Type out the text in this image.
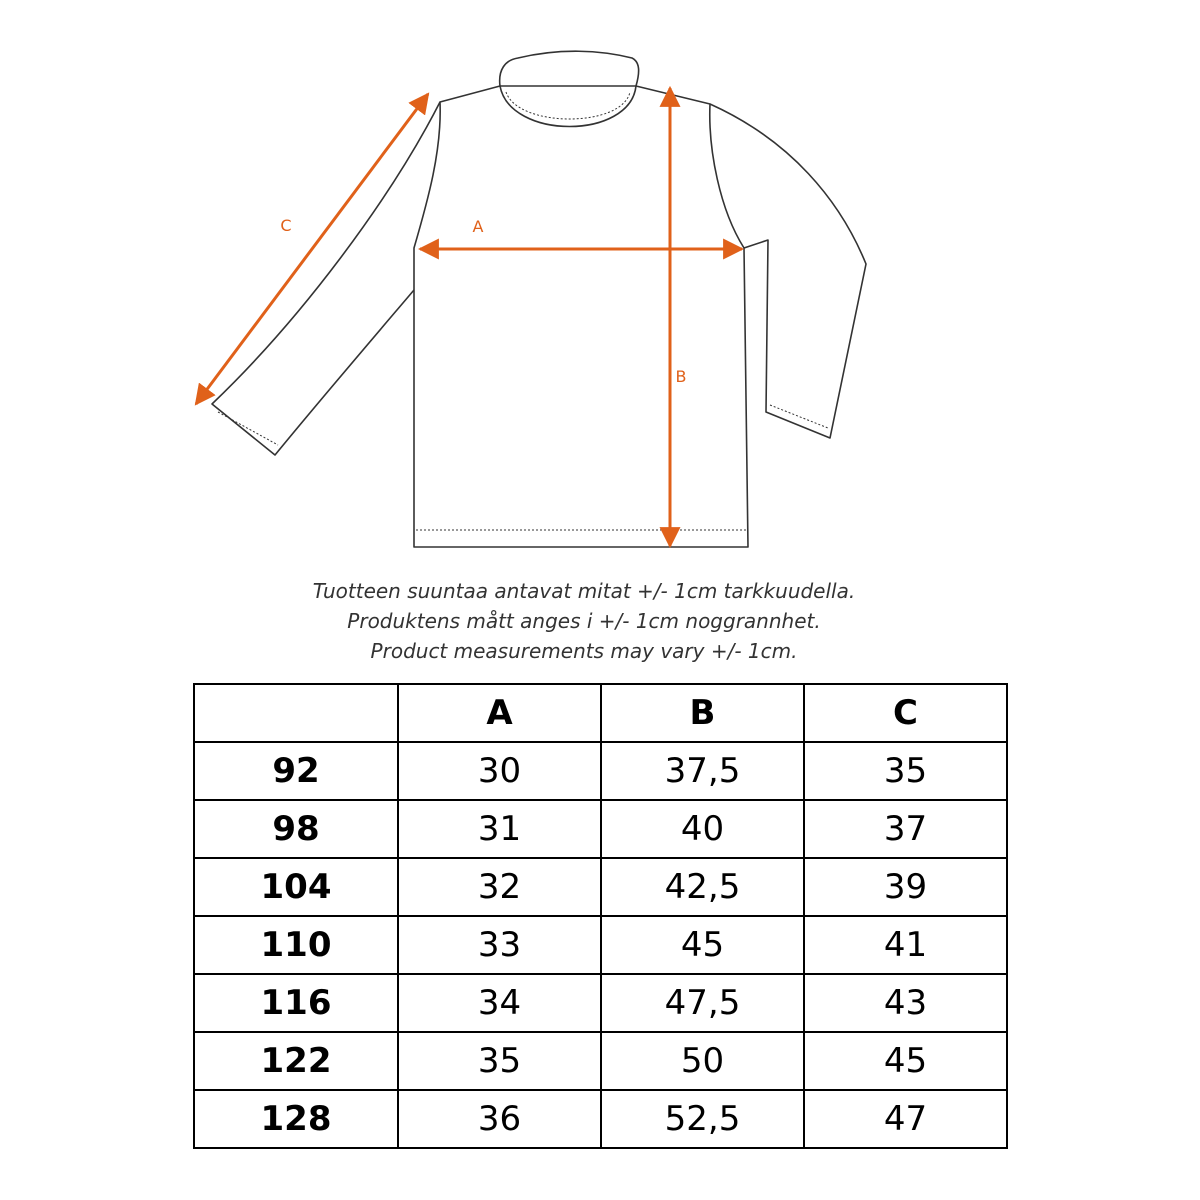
A
B
C
Tuotteen suuntaa antavat mitat +/- 1cm tarkkuudella.
Produktens mått anges i +/- 1cm noggrannhet.
Product measurements may vary +/- 1cm.
	A	B	C
92	30	37,5	35
98	31	40	37
104	32	42,5	39
110	33	45	41
116	34	47,5	43
122	35	50	45
128	36	52,5	47
